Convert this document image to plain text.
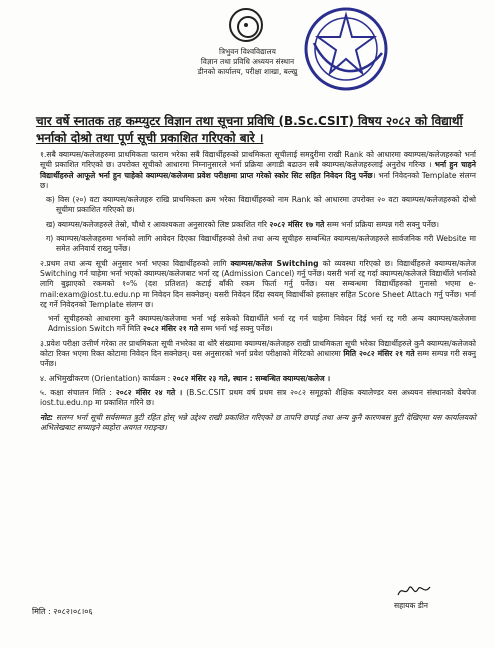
त्रिभुवन विश्वविद्यालय
विज्ञान तथा प्रविधि अध्ययन संस्थान
डीनको कार्यालय, परीक्षा शाखा, बल्खु
चार वर्षे स्नातक तह कम्प्युटर विज्ञान तथा सूचना प्रविधि (B.Sc.CSIT) विषय २०८२ को विद्यार्थी भर्नाको दोश्रो तथा पूर्ण सूची प्रकाशित गरिएको बारे ।

१.सबै क्याम्पस/कलेजहरुमा प्राथमिकता फाराम भरेका सबै विद्यार्थीहरुको प्राथमिकता सूचीलाई समदुरीमा राखी Rank को आधारमा क्याम्पस/कलेजहरुको भर्ना सूची प्रकाशित गरिएको छ। उपरोक्त सूचीको आधारमा निम्नानुसारले भर्ना प्रक्रिया अगाडी बढाउन सबै क्याम्पस/कलेजहरुलाई अनुरोध गरिन्छ । भर्ना हुन चाहने विद्यार्थीहरुले आफूले भर्ना हुन चाहेको क्याम्पस/कलेजमा प्रवेश परीक्षामा प्राप्त गरेको स्कोर सिट सहित निवेदन दिनु पर्नेछ। भर्ना निवेदनको Template संलग्न छ।

क) विस (२०) वटा क्याम्पस/कलेजहरु राखि प्राथमिकता क्रम भरेका विद्यार्थीहरुको नाम Rank को आधारमा उपरोक्त २० वटा क्याम्पस/कलेजहरुको दोश्रो सूचीमा प्रकाशित गरिएको छ।

ख) क्याम्पस/कलेजहरुले तेस्रो, चौथो र आवश्यकता अनुसारको लिष्ट प्रकाशित गरि २०८२ मंसिर १७ गते सम्म भर्ना प्रक्रिया सम्पन्न गरी सक्नु पर्नेछ।

ग) क्याम्पस/कलेजहरुमा भर्नाको लागि आवेदन दिएका विद्यार्थीहरुको तेश्रो तथा अन्य सूचीहरु सम्बन्धित क्याम्पस/कलेजहरुले सार्वजनिक गरी Website मा समेत अनिवार्य राख्नु पर्नेछ।

२.प्रथम तथा अन्य सूची अनुसार भर्ना भएका विद्यार्थीहरुको लागि क्याम्पस/कलेज Switching को व्यवस्था गरिएको छ। विद्यार्थीहरुले क्याम्पस/कलेज Switching गर्न चाहेमा भर्ना भएको क्याम्पस/कलेजबाट भर्ना रद्द (Admission Cancel) गर्नु पर्नेछ। यसरी भर्ना रद्द गर्दा क्याम्पस/कलेजले विद्यार्थीले भर्नाको लागि बुझाएको रकमको १०% (दश प्रतिशत) कटाई बाँकी रकम फिर्ता गर्नु पर्नेछ। यस सम्बन्धमा विद्यार्थीहरुको गुनासो भएमा e-mail:exam@iost.tu.edu.np मा निवेदन दिन सक्नेछन्। यसरी निवेदन दिँदा स्वयम् विद्यार्थीको हस्ताक्षर सहित Score Sheet Attach गर्नु पर्नेछ। भर्ना रद्द गर्ने निवेदनको Template संलग्न छ।

भर्ना सूचीहरुको आधारमा कुनै क्याम्पस/कलेजमा भर्ना भई सकेको विद्यार्थीले भर्ना रद्द गर्न चाहेमा निवेदन दिई भर्ना रद्द गरी अन्य क्याम्पस/कलेजमा Admission Switch गर्ने मिति २०८२ मंसिर २१ गते सम्म भर्ना भई सक्नु पर्नेछ।

३.प्रवेश परीक्षा उत्तीर्ण गरेका तर प्राथमिकता सूची नभरेका वा थोरै संख्यामा क्याम्पस/कलेजहरु राखी प्राथमिकता सूची भरेका विद्यार्थीहरुले कुनै क्याम्पस/कलेजको कोटा रिक्त भएमा रिक्त कोटामा निवेदन दिन सक्नेछन्। यस अनुसारको भर्ना प्रवेश परीक्षाको मेरिटको आधारमा मिति २०८२ मंसिर २१ गते सम्म सम्पन्न गरी सक्नु पर्नेछ।

४. अभिमुखीकरण (Orientation) कार्यक्रम : २०८२ मंसिर २३ गते, स्थान : सम्बन्धित क्याम्पस/कलेज ।

५. कक्षा संचालन मिति : २०८२ मंसिर २४ गते । (B.Sc.CSIT प्रथम वर्ष प्रथम सत्र २०८२ समूहको शैक्षिक क्यालेण्डर यस अध्ययन संस्थानको वेबपेज iost.tu.edu.np मा प्रकाशित गरिने छ।

नोट: सलग्न भर्ना सूची सर्वसम्मत त्रुटी रहित होस् भन्ने उद्देश्य राखी प्रकाशित गरिएको छ तापनि छपाई तथा अन्य कुनै कारणबस त्रुटी देखिएमा यस कार्यालयको अभिलेखबाट सच्याइने व्यहोरा अवगत गराइन्छ।

सहायक डीन
मिति : २०८२।०८।०६
